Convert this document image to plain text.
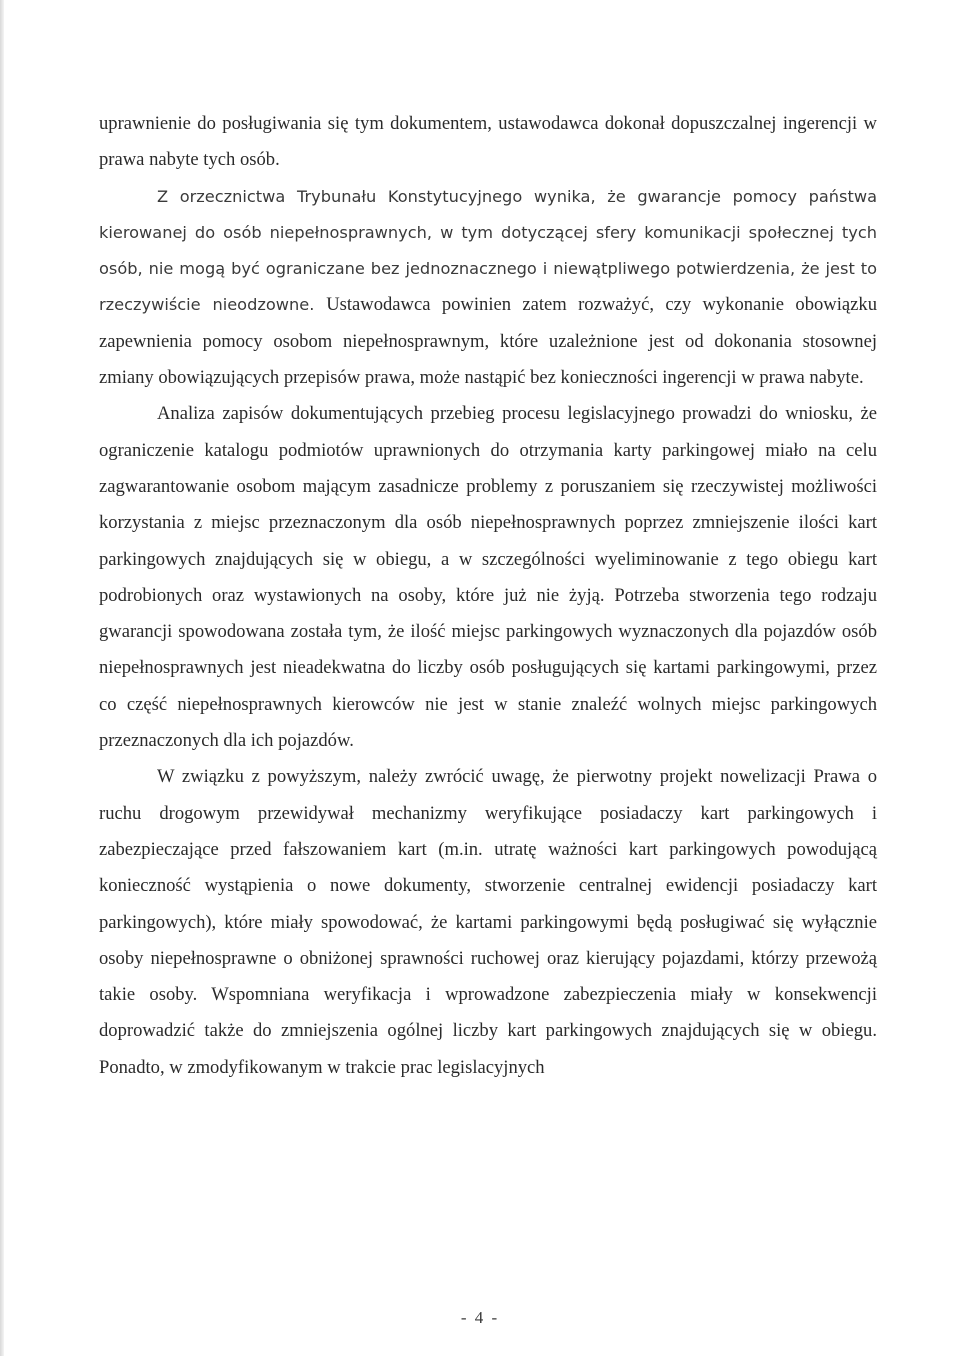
uprawnienie do posługiwania się tym dokumentem, ustawodawca dokonał dopuszczalnej ingerencji w prawa nabyte tych osób.

Z orzecznictwa Trybunału Konstytucyjnego wynika, że gwarancje pomocy państwa kierowanej do osób niepełnosprawnych, w tym dotyczącej sfery komunikacji społecznej tych osób, nie mogą być ograniczane bez jednoznacznego i niewątpliwego potwierdzenia, że jest to rzeczywiście nieodzowne. Ustawodawca powinien zatem rozważyć, czy wykonanie obowiązku zapewnienia pomocy osobom niepełnosprawnym, które uzależnione jest od dokonania stosownej zmiany obowiązujących przepisów prawa, może nastąpić bez konieczności ingerencji w prawa nabyte.

Analiza zapisów dokumentujących przebieg procesu legislacyjnego prowadzi do wniosku, że ograniczenie katalogu podmiotów uprawnionych do otrzymania karty parkingowej miało na celu zagwarantowanie osobom mającym zasadnicze problemy z poruszaniem się rzeczywistej możliwości korzystania z miejsc przeznaczonym dla osób niepełnosprawnych poprzez zmniejszenie ilości kart parkingowych znajdujących się w obiegu, a w szczególności wyeliminowanie z tego obiegu kart podrobionych oraz wystawionych na osoby, które już nie żyją. Potrzeba stworzenia tego rodzaju gwarancji spowodowana została tym, że ilość miejsc parkingowych wyznaczonych dla pojazdów osób niepełnosprawnych jest nieadekwatna do liczby osób posługujących się kartami parkingowymi, przez co część niepełnosprawnych kierowców nie jest w stanie znaleźć wolnych miejsc parkingowych przeznaczonych dla ich pojazdów.

W związku z powyższym, należy zwrócić uwagę, że pierwotny projekt nowelizacji Prawa o ruchu drogowym przewidywał mechanizmy weryfikujące posiadaczy kart parkingowych i zabezpieczające przed fałszowaniem kart (m.in. utratę ważności kart parkingowych powodującą konieczność wystąpienia o nowe dokumenty, stworzenie centralnej ewidencji posiadaczy kart parkingowych), które miały spowodować, że kartami parkingowymi będą posługiwać się wyłącznie osoby niepełnosprawne o obniżonej sprawności ruchowej oraz kierujący pojazdami, którzy przewożą takie osoby. Wspomniana weryfikacja i wprowadzone zabezpieczenia miały w konsekwencji doprowadzić także do zmniejszenia ogólnej liczby kart parkingowych znajdujących się w obiegu. Ponadto, w zmodyfikowanym w trakcie prac legislacyjnych

- 4 -
